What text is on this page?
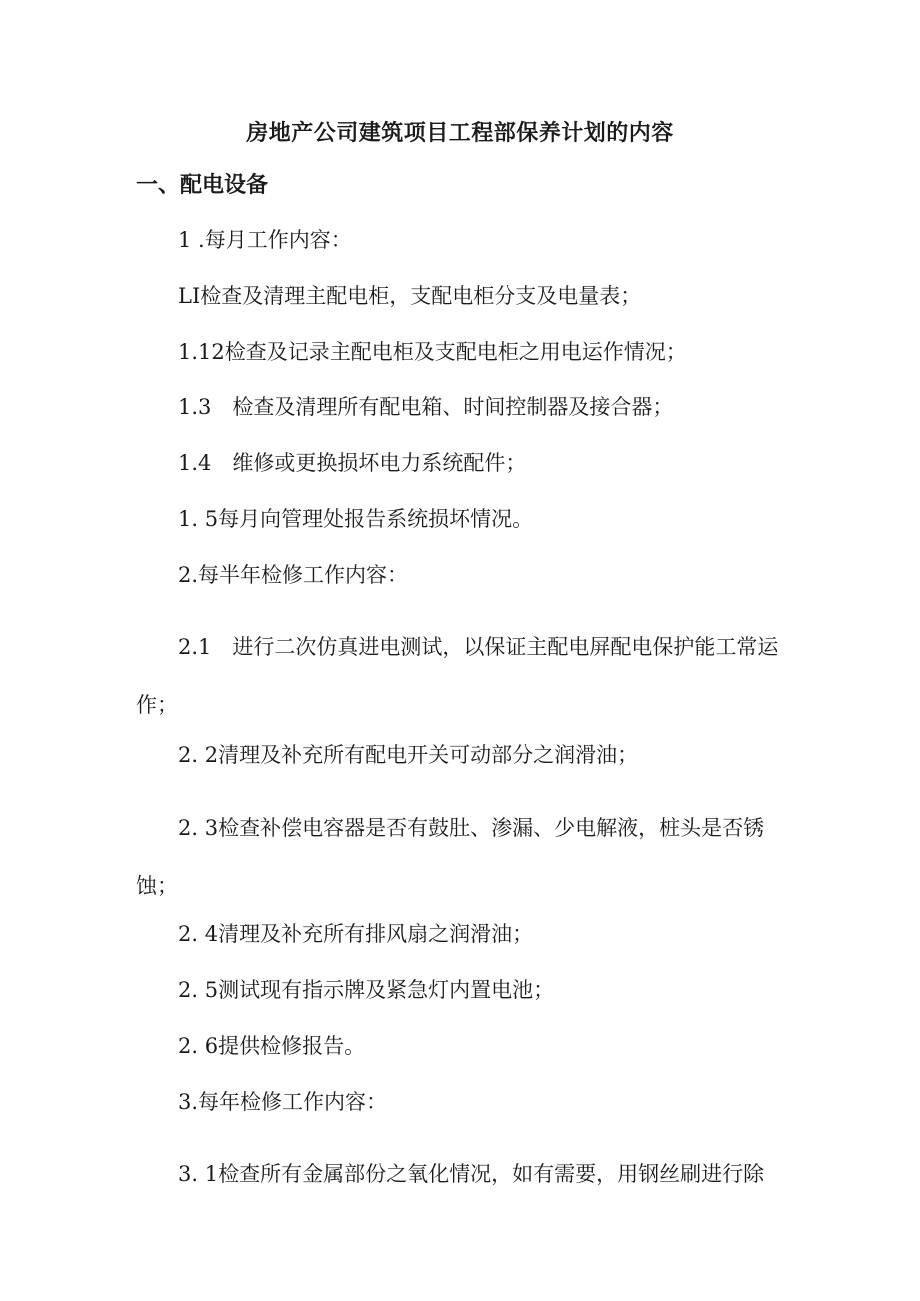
房地产公司建筑项目工程部保养计划的内容
一、配电设备
1 .每月工作内容：
LI检查及清理主配电柜，支配电柜分支及电量表；
1.12检查及记录主配电柜及支配电柜之用电运作情况；
1.3　检查及清理所有配电箱、时间控制器及接合器；
1.4　维修或更换损坏电力系统配件；
1. 5每月向管理处报告系统损坏情况。
2.每半年检修工作内容：
2.1　进行二次仿真进电测试，以保证主配电屏配电保护能工常运
作；
2. 2清理及补充所有配电开关可动部分之润滑油；
2. 3检查补偿电容器是否有鼓肚、渗漏、少电解液，桩头是否锈
蚀；
2. 4清理及补充所有排风扇之润滑油；
2. 5测试现有指示牌及紧急灯内置电池；
2. 6提供检修报告。
3.每年检修工作内容：
3. 1检查所有金属部份之氧化情况，如有需要，用钢丝刷进行除
